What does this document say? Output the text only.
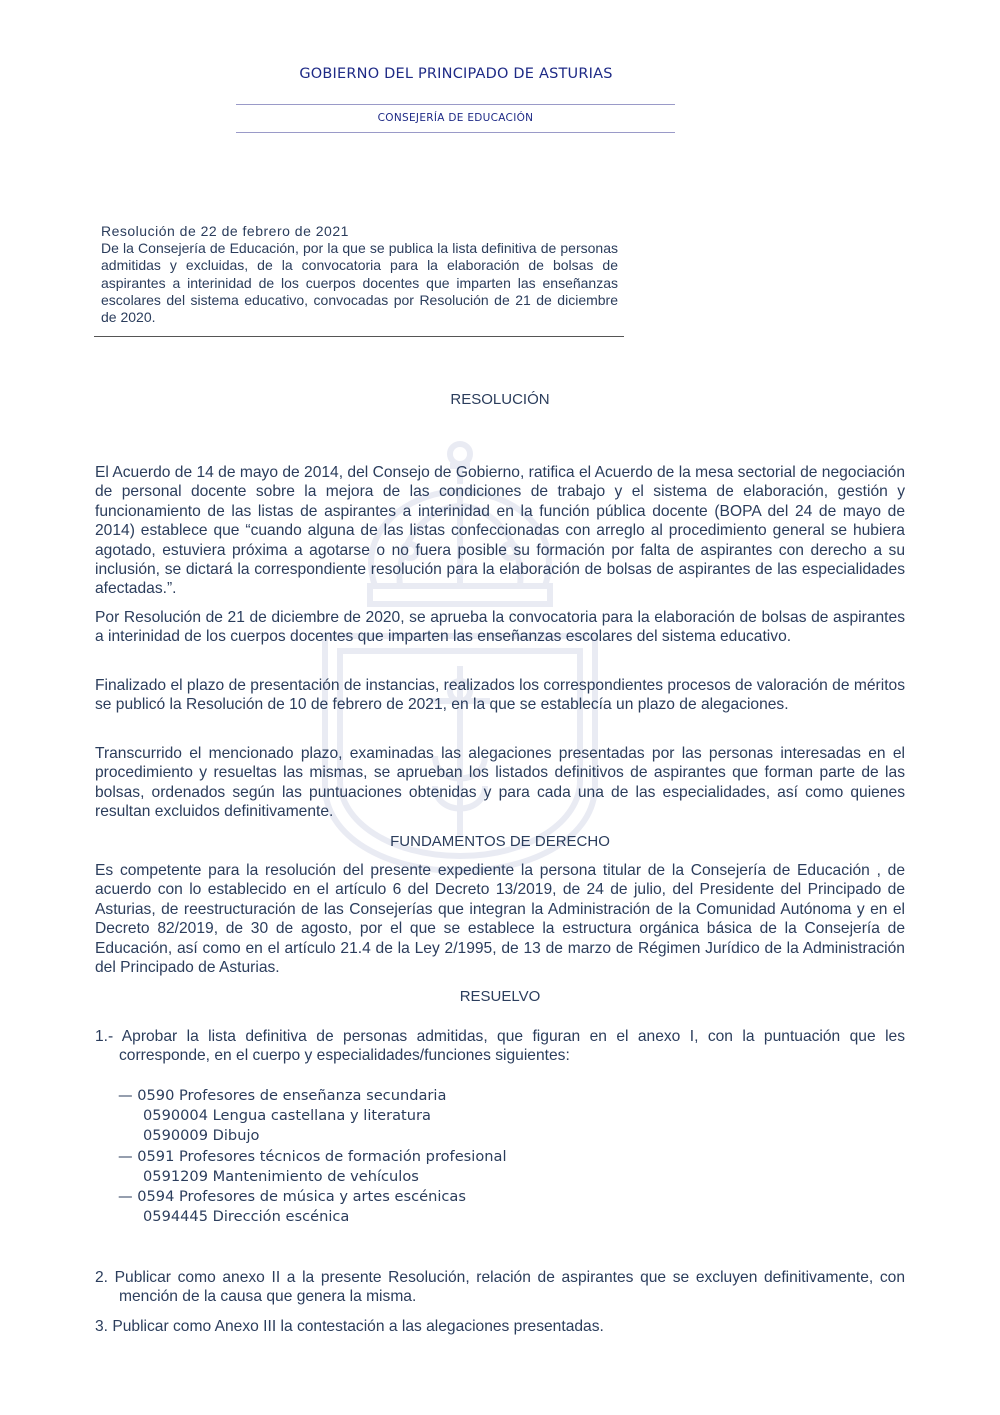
GOBIERNO DEL PRINCIPADO DE ASTURIAS
CONSEJERÍA DE EDUCACIÓN
Resolución de 22 de febrero de 2021
De la Consejería de Educación, por la que se publica la lista definitiva de personas admitidas y excluidas, de la convocatoria para la elaboración de bolsas de aspirantes a interinidad de los cuerpos docentes que imparten las enseñanzas escolares del sistema educativo, convocadas por Resolución de 21 de diciembre de 2020.
RESOLUCIÓN
El Acuerdo de 14 de mayo de 2014, del Consejo de Gobierno, ratifica el Acuerdo de la mesa sectorial de negociación de personal docente sobre la mejora de las condiciones de trabajo y el sistema de elaboración, gestión y funcionamiento de las listas de aspirantes a interinidad en la función pública docente (BOPA del 24 de mayo de 2014) establece que “cuando alguna de las listas confeccionadas con arreglo al procedimiento general se hubiera agotado, estuviera próxima a agotarse o no fuera posible su formación por falta de aspirantes con derecho a su inclusión, se dictará la correspondiente resolución para la elaboración de bolsas de aspirantes de las especialidades afectadas.”.
Por Resolución de 21 de diciembre de 2020, se aprueba la convocatoria para la elaboración de bolsas de aspirantes a interinidad de los cuerpos docentes que imparten las enseñanzas escolares del sistema educativo.
Finalizado el plazo de presentación de instancias, realizados los correspondientes procesos de valoración de méritos se publicó la Resolución de 10 de febrero de 2021, en la que se establecía un plazo de alegaciones.
Transcurrido el mencionado plazo, examinadas las alegaciones presentadas por las personas interesadas en el procedimiento y resueltas las mismas, se aprueban los listados definitivos de aspirantes que forman parte de las bolsas, ordenados según las puntuaciones obtenidas y para cada una de las especialidades, así como quienes resultan excluidos definitivamente.
FUNDAMENTOS DE DERECHO
Es competente para la resolución del presente expediente la persona titular de la Consejería de Educación , de acuerdo con lo establecido en el artículo 6 del Decreto 13/2019, de 24 de julio, del Presidente del Principado de Asturias, de reestructuración de las Consejerías que integran la Administración de la Comunidad Autónoma y en el Decreto 82/2019, de 30 de agosto, por el que se establece la estructura orgánica básica de la Consejería de Educación, así como en el artículo 21.4 de la Ley 2/1995, de 13 de marzo de Régimen Jurídico de la Administración del Principado de Asturias.
RESUELVO
1.- Aprobar la lista definitiva de personas admitidas, que figuran en el anexo I, con la puntuación que les corresponde, en el cuerpo y especialidades/funciones siguientes:
— 0590 Profesores de enseñanza secundaria
0590004 Lengua castellana y literatura
0590009 Dibujo
— 0591 Profesores técnicos de formación profesional
0591209 Mantenimiento de vehículos
— 0594 Profesores de música y artes escénicas
0594445 Dirección escénica
2. Publicar como anexo II a la presente Resolución, relación de aspirantes que se excluyen definitivamente, con mención de la causa que genera la misma.
3. Publicar como Anexo III la contestación a las alegaciones presentadas.
